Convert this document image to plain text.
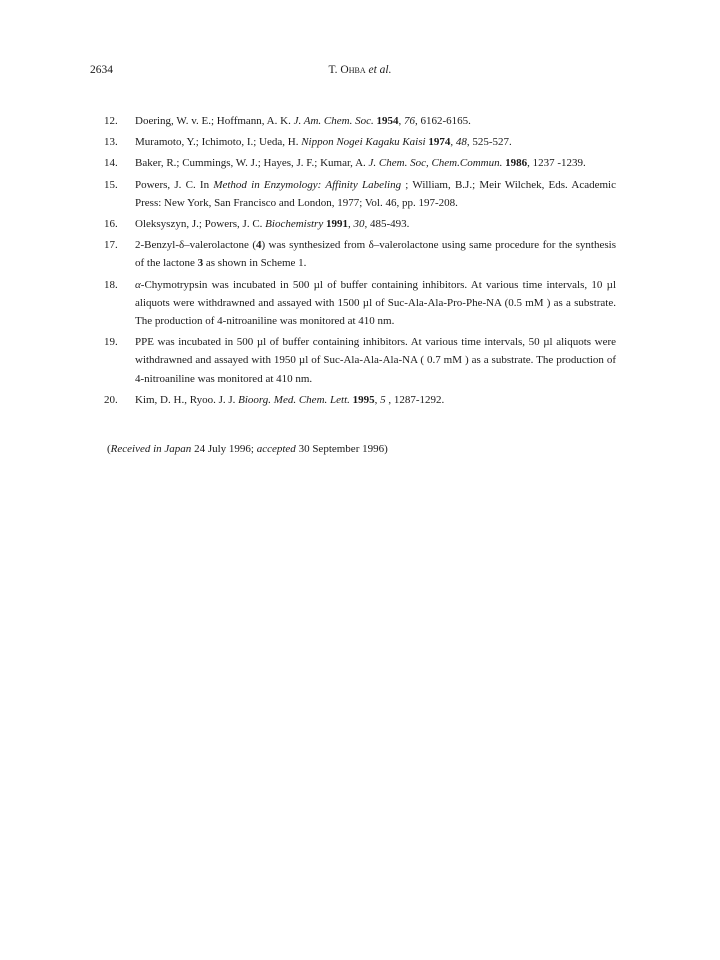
2634	T. Ohba et al.
12. Doering, W. v. E.; Hoffmann, A. K. J. Am. Chem. Soc. 1954, 76, 6162-6165.
13. Muramoto, Y.; Ichimoto, I.; Ueda, H. Nippon Nogei Kagaku Kaisi 1974, 48, 525-527.
14. Baker, R.; Cummings, W. J.; Hayes, J. F.; Kumar, A. J. Chem. Soc, Chem.Commun. 1986, 1237 -1239.
15. Powers, J. C. In Method in Enzymology: Affinity Labeling ; William, B.J.; Meir Wilchek, Eds. Academic Press: New York, San Francisco and London, 1977; Vol. 46, pp. 197-208.
16. Oleksyszyn, J.; Powers, J. C. Biochemistry 1991, 30, 485-493.
17. 2-Benzyl-δ–valerolactone (4) was synthesized from δ–valerolactone using same procedure for the synthesis of the lactone 3 as shown in Scheme 1.
18. α-Chymotrypsin was incubated in 500 µl of buffer containing inhibitors. At various time intervals, 10 µl aliquots were withdrawned and assayed with 1500 µl of Suc-Ala-Ala-Pro-Phe-NA (0.5 mM ) as a substrate. The production of 4-nitroaniline was monitored at 410 nm.
19. PPE was incubated in 500 µl of buffer containing inhibitors. At various time intervals, 50 µl aliquots were withdrawned and assayed with 1950 µl of Suc-Ala-Ala-Ala-NA ( 0.7 mM ) as a substrate. The production of 4-nitroaniline was monitored at 410 nm.
20. Kim, D. H., Ryoo. J. J. Bioorg. Med. Chem. Lett. 1995, 5 , 1287-1292.
(Received in Japan 24 July 1996; accepted 30 September 1996)
